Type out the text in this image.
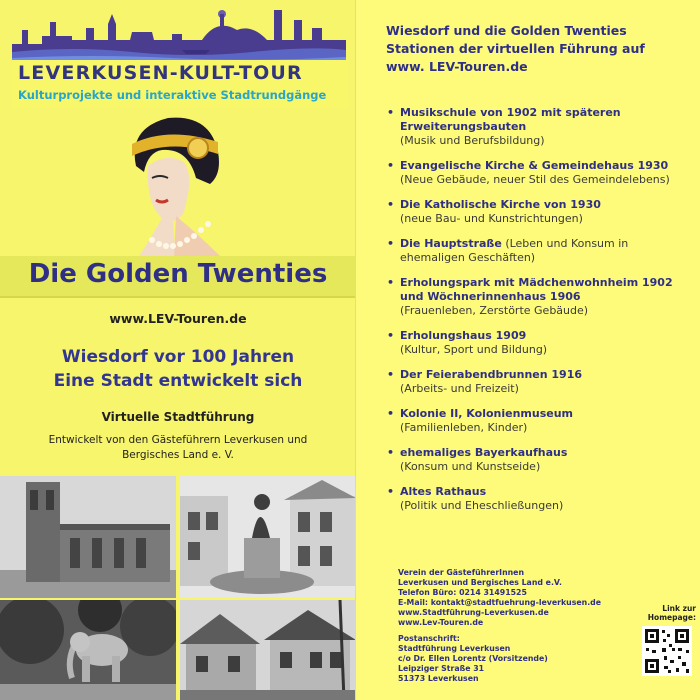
LEVERKUSEN-KULT-TOUR
Kulturprojekte und interaktive Stadtrundgänge
Die Golden Twenties
www.LEV-Touren.de
Wiesdorf vor 100 Jahren
Eine Stadt entwickelt sich
Virtuelle Stadtführung
Entwickelt von den Gästeführern Leverkusen und
Bergisches Land e. V.
Wiesdorf und die Golden Twenties
Stationen der virtuellen Führung auf
www. LEV-Touren.de
• Musikschule von 1902 mit späteren Erweiterungsbauten
(Musik und Berufsbildung)
• Evangelische Kirche & Gemeindehaus 1930
(Neue Gebäude, neuer Stil des Gemeindelebens)
• Die Katholische Kirche von 1930
(neue Bau- und Kunstrichtungen)
• Die Hauptstraße (Leben und Konsum in ehemaligen Geschäften)
• Erholungspark mit Mädchenwohnheim 1902 und Wöchnerinnenhaus 1906
(Frauenleben, Zerstörte Gebäude)
• Erholungshaus 1909
(Kultur, Sport und Bildung)
• Der Feierabendbrunnen 1916
(Arbeits- und Freizeit)
• Kolonie II, Kolonienmuseum
(Familienleben, Kinder)
• ehemaliges Bayerkaufhaus
(Konsum und Kunstseide)
• Altes Rathaus
(Politik und Eheschließungen)
Verein der GästeführerInnen
Leverkusen und Bergisches Land e.V.
Telefon Büro: 0214 31491525
E-Mail: kontakt@stadtfuehrung-leverkusen.de
www.Stadtführung-Leverkusen.de
www.Lev-Touren.de
Postanschrift:
Stadtführung Leverkusen
c/o Dr. Ellen Lorentz (Vorsitzende)
Leipziger Straße 31
51373 Leverkusen
Link zur
Homepage:
